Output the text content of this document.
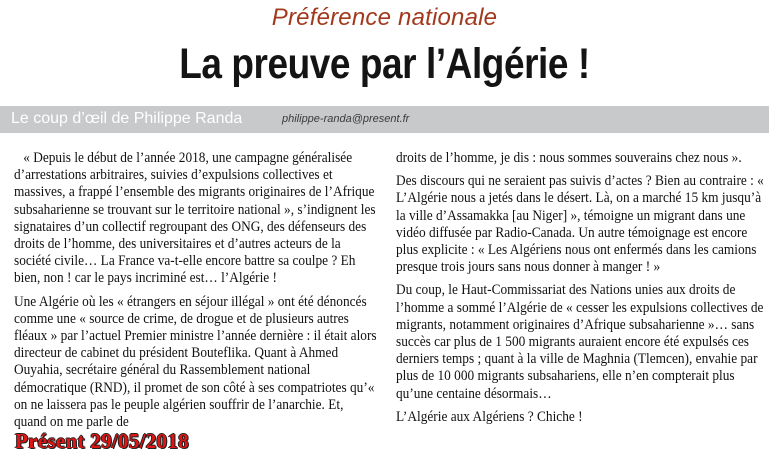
Préférence nationale
La preuve par l’Algérie !
Le coup d’œil de Philippe Randa	philippe-randa@present.fr

« Depuis le début de l’année 2018, une campagne généralisée d’arrestations arbitraires, suivies d’expulsions collectives et massives, a frappé l’ensemble des migrants originaires de l’Afrique subsaharienne se trouvant sur le territoire national », s’indignent les signataires d’un collectif regroupant des ONG, des défenseurs des droits de l’homme, des universitaires et d’autres acteurs de la société civile… La France va-t-elle encore battre sa coulpe ? Eh bien, non ! car le pays incriminé est… l’Algérie !

Une Algérie où les « étrangers en séjour illégal » ont été dénoncés comme une « source de crime, de drogue et de plusieurs autres fléaux » par l’actuel Premier ministre l’année dernière : il était alors directeur de cabinet du président Bouteflika. Quant à Ahmed Ouyahia, secrétaire général du Rassemblement national démocratique (RND), il promet de son côté à ses compatriotes qu’« on ne laissera pas le peuple algérien souffrir de l’anarchie. Et, quand on me parle de

droits de l’homme, je dis : nous sommes souverains chez nous ».

Des discours qui ne seraient pas suivis d’actes ? Bien au contraire : « L’Algérie nous a jetés dans le désert. Là, on a marché 15 km jusqu’à la ville d’Assamakka [au Niger] », témoigne un migrant dans une vidéo diffusée par Radio-Canada. Un autre témoignage est encore plus explicite : « Les Algériens nous ont enfermés dans les camions presque trois jours sans nous donner à manger ! »

Du coup, le Haut-Commissariat des Nations unies aux droits de l’homme a sommé l’Algérie de « cesser les expulsions collectives de migrants, notamment originaires d’Afrique subsaharienne »… sans succès car plus de 1 500 migrants auraient encore été expulsés ces derniers temps ; quant à la ville de Maghnia (Tlemcen), envahie par plus de 10 000 migrants subsahariens, elle n’en compterait plus qu’une centaine désormais…

L’Algérie aux Algériens ? Chiche !

Présent 29/05/2018
